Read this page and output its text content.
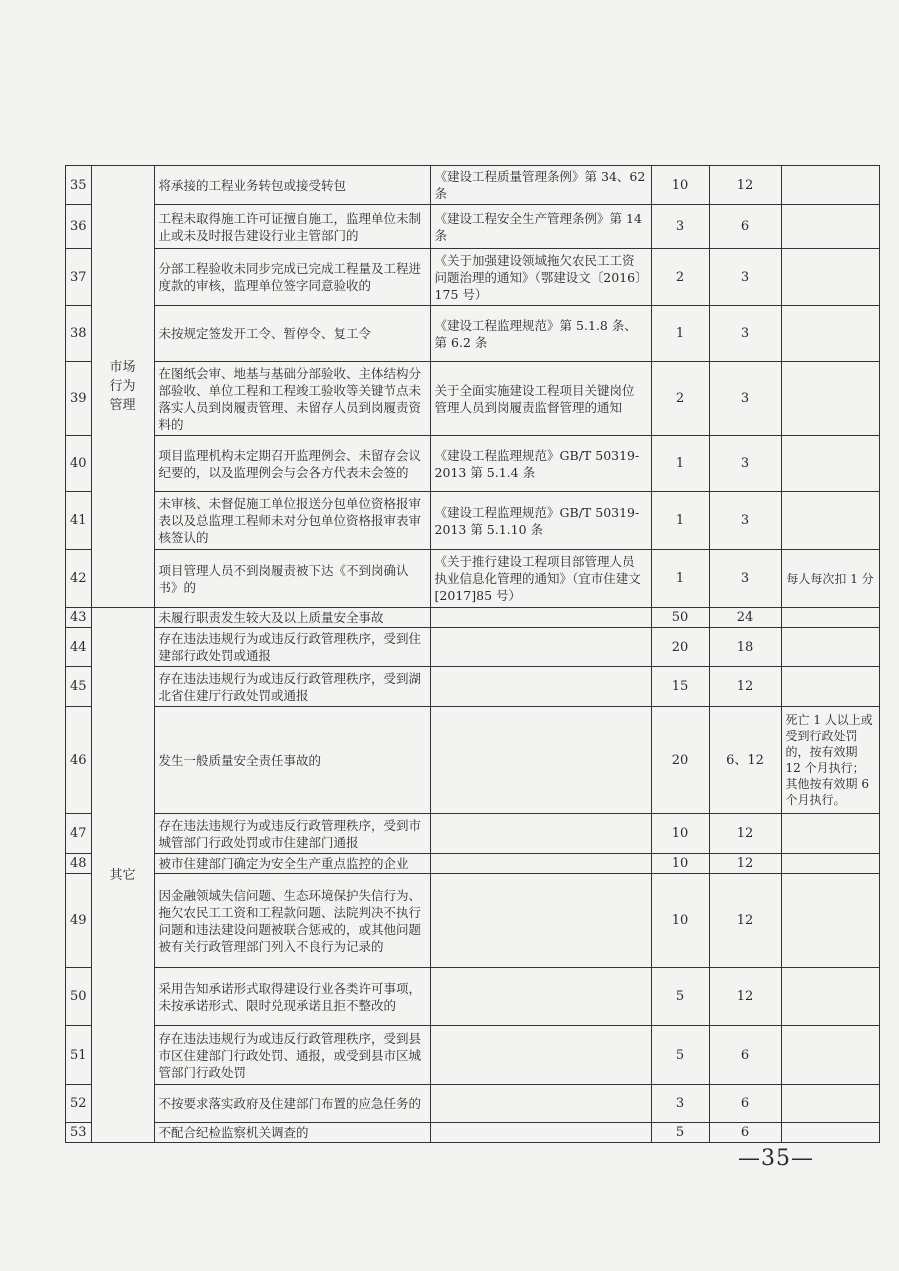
35	市场行为管理	将承接的工程业务转包或接受转包	《建设工程质量管理条例》第 34、62 条	10	12	
36		工程未取得施工许可证擅自施工，监理单位未制止或未及时报告建设行业主管部门的	《建设工程安全生产管理条例》第 14 条	3	6	
37		分部工程验收未同步完成已完成工程量及工程进度款的审核，监理单位签字同意验收的	《关于加强建设领域拖欠农民工工资问题治理的通知》（鄂建设文〔2016〕175 号）	2	3	
38		未按规定签发开工令、暂停令、复工令	《建设工程监理规范》第 5.1.8 条、第 6.2 条	1	3	
39		在图纸会审、地基与基础分部验收、主体结构分部验收、单位工程和工程竣工验收等关键节点未落实人员到岗履责管理、未留存人员到岗履责资料的	关于全面实施建设工程项目关键岗位管理人员到岗履责监督管理的通知	2	3	
40		项目监理机构未定期召开监理例会、未留存会议纪要的，以及监理例会与会各方代表未会签的	《建设工程监理规范》GB/T 50319-2013 第 5.1.4 条	1	3	
41		未审核、未督促施工单位报送分包单位资格报审表以及总监理工程师未对分包单位资格报审表审核签认的	《建设工程监理规范》GB/T 50319-2013 第 5.1.10 条	1	3	
42		项目管理人员不到岗履责被下达《不到岗确认书》的	《关于推行建设工程项目部管理人员执业信息化管理的通知》（宜市住建文[2017]85 号）	1	3	每人每次扣 1 分
43	其它	未履行职责发生较大及以上质量安全事故		50	24	
44		存在违法违规行为或违反行政管理秩序，受到住建部行政处罚或通报		20	18	
45		存在违法违规行为或违反行政管理秩序，受到湖北省住建厅行政处罚或通报		15	12	
46		发生一般质量安全责任事故的		20	6、12	死亡 1 人以上或受到行政处罚的，按有效期 12 个月执行；其他按有效期 6 个月执行。
47		存在违法违规行为或违反行政管理秩序，受到市城管部门行政处罚或市住建部门通报		10	12	
48		被市住建部门确定为安全生产重点监控的企业		10	12	
49		因金融领域失信问题、生态环境保护失信行为、拖欠农民工工资和工程款问题、法院判决不执行问题和违法建设问题被联合惩戒的，或其他问题被有关行政管理部门列入不良行为记录的		10	12	
50		采用告知承诺形式取得建设行业各类许可事项，未按承诺形式、限时兑现承诺且拒不整改的		5	12	
51		存在违法违规行为或违反行政管理秩序，受到县市区住建部门行政处罚、通报，或受到县市区城管部门行政处罚		5	6	
52		不按要求落实政府及住建部门布置的应急任务的		3	6	
53		不配合纪检监察机关调查的		5	6	
—35—
